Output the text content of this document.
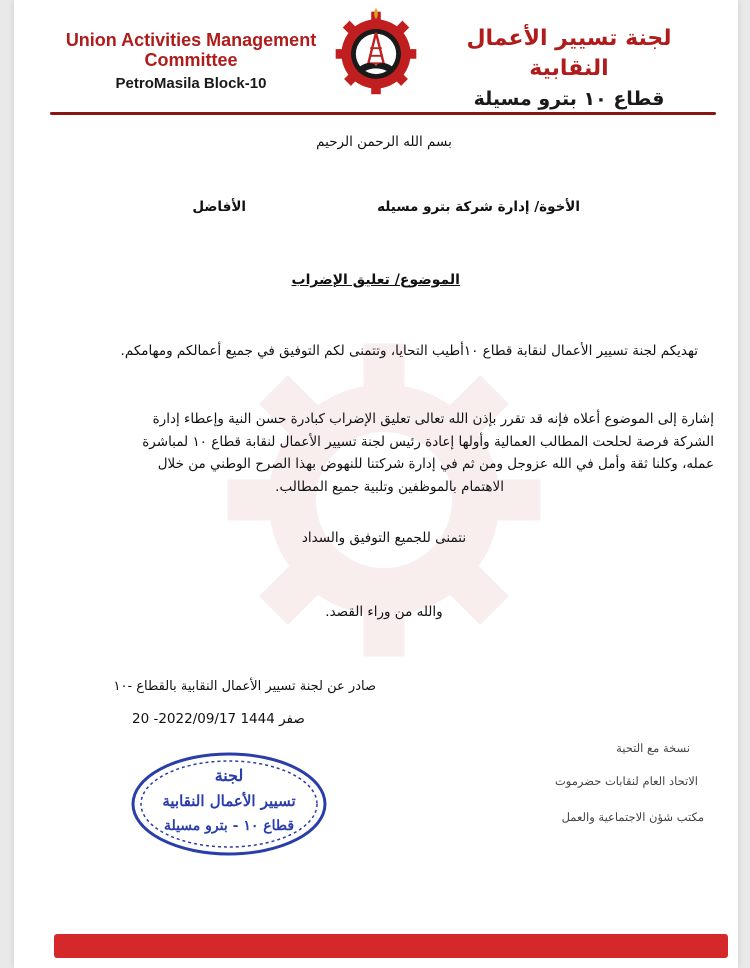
Union Activities Management
Committee
PetroMasila Block-10
لجنة تسيير الأعمال النقابية
قطاع ١٠ بترو مسيلة
بسم الله الرحمن الرحيم
الأخوة/ إدارة شركة بترو مسيله
الأفاضل
الموضوع/ تعليق الإضراب
تهديكم لجنة تسيير الأعمال لنقابة قطاع ١٠أطيب التحايا، وتتمنى لكم التوفيق في جميع أعمالكم ومهامكم.
إشارة إلى الموضوع أعلاه فإنه قد تقرر بإذن الله تعالى تعليق الإضراب كبادرة حسن النية وإعطاء إدارة
الشركة فرصة لحلحت المطالب العمالية وأولها إعادة رئيس لجنة تسيير الأعمال لنقابة قطاع ١٠ لمباشرة
عمله، وكلنا ثقة وأمل في الله عزوجل ومن ثم في إدارة شركتنا للنهوض بهذا الصرح الوطني من خلال
الاهتمام بالموظفين وتلبية جميع المطالب.
نتمنى للجميع التوفيق والسداد
والله من وراء القصد.
صادر عن لجنة تسيير الأعمال النقابية بالقطاع -١٠
20 -2022/09/17 صفر 1444
نسخة مع التحية
الاتحاد العام لنقابات حضرموت
مكتب شؤن الاجتماعية والعمل
لجنة
تسيير الأعمال النقابية
قطاع ١٠ - بترو مسيلة
